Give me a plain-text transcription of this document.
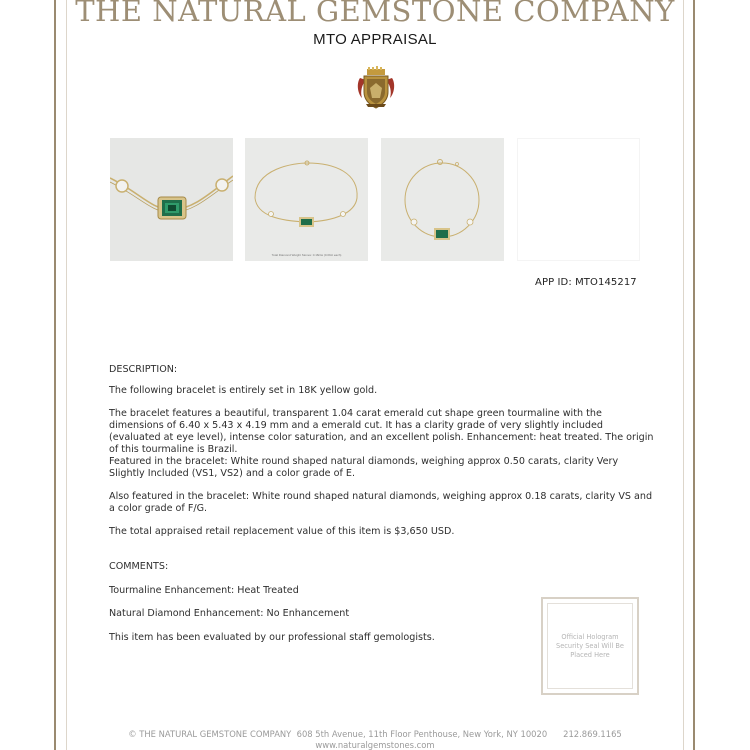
THE NATURAL GEMSTONE COMPANY
MTO APPRAISAL
Total Diamond Weight Stones: 0.18ctw (0.09ct each)
APP ID: MTO145217

DESCRIPTION:

The following bracelet is entirely set in 18K yellow gold.

The bracelet features a beautiful, transparent 1.04 carat emerald cut shape green tourmaline with the dimensions of 6.40 x 5.43 x 4.19 mm and a emerald cut. It has a clarity grade of very slightly included (evaluated at eye level), intense color saturation, and an excellent polish. Enhancement: heat treated. The origin of this tourmaline is Brazil.

Featured in the bracelet: White round shaped natural diamonds, weighing approx 0.50 carats, clarity Very Slightly Included (VS1, VS2) and a color grade of E.

Also featured in the bracelet: White round shaped natural diamonds, weighing approx 0.18 carats, clarity VS and a color grade of F/G.

The total appraised retail replacement value of this item is $3,650 USD.

COMMENTS:

Tourmaline Enhancement: Heat Treated

Natural Diamond Enhancement: No Enhancement

This item has been evaluated by our professional staff gemologists.	Official Hologram Security Seal Will Be Placed Here
© THE NATURAL GEMSTONE COMPANY 608 5th Avenue, 11th Floor Penthouse, New York, NY 10020 212.869.1165
www.naturalgemstones.com
